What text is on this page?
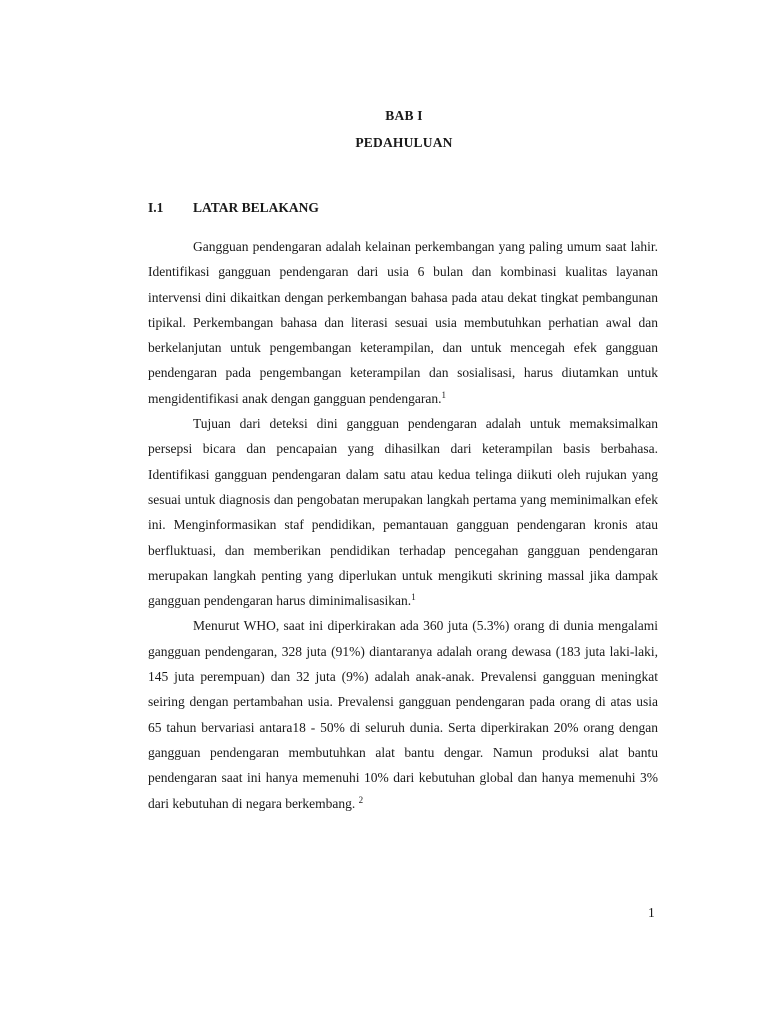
BAB I
PEDAHULUAN
I.1 LATAR BELAKANG

Gangguan pendengaran adalah kelainan perkembangan yang paling umum saat lahir. Identifikasi gangguan pendengaran dari usia 6 bulan dan kombinasi kualitas layanan intervensi dini dikaitkan dengan perkembangan bahasa pada atau dekat tingkat pembangunan tipikal. Perkembangan bahasa dan literasi sesuai usia membutuhkan perhatian awal dan berkelanjutan untuk pengembangan keterampilan, dan untuk mencegah efek gangguan pendengaran pada pengembangan keterampilan dan sosialisasi, harus diutamkan untuk mengidentifikasi anak dengan gangguan pendengaran.$^1$

Tujuan dari deteksi dini gangguan pendengaran adalah untuk memaksimalkan persepsi bicara dan pencapaian yang dihasilkan dari keterampilan basis berbahasa. Identifikasi gangguan pendengaran dalam satu atau kedua telinga diikuti oleh rujukan yang sesuai untuk diagnosis dan pengobatan merupakan langkah pertama yang meminimalkan efek ini. Menginformasikan staf pendidikan, pemantauan gangguan pendengaran kronis atau berfluktuasi, dan memberikan pendidikan terhadap pencegahan gangguan pendengaran merupakan langkah penting yang diperlukan untuk mengikuti skrining massal jika dampak gangguan pendengaran harus diminimalisasikan.$^1$

Menurut WHO, saat ini diperkirakan ada 360 juta (5.3%) orang di dunia mengalami gangguan pendengaran, 328 juta (91%) diantaranya adalah orang dewasa (183 juta laki-laki, 145 juta perempuan) dan 32 juta (9%) adalah anak-anak. Prevalensi gangguan meningkat seiring dengan pertambahan usia. Prevalensi gangguan pendengaran pada orang di atas usia 65 tahun bervariasi antara18 - 50% di seluruh dunia. Serta diperkirakan 20% orang dengan gangguan pendengaran membutuhkan alat bantu dengar. Namun produksi alat bantu pendengaran saat ini hanya memenuhi 10% dari kebutuhan global dan hanya memenuhi 3% dari kebutuhan di negara berkembang. $^2$

1
